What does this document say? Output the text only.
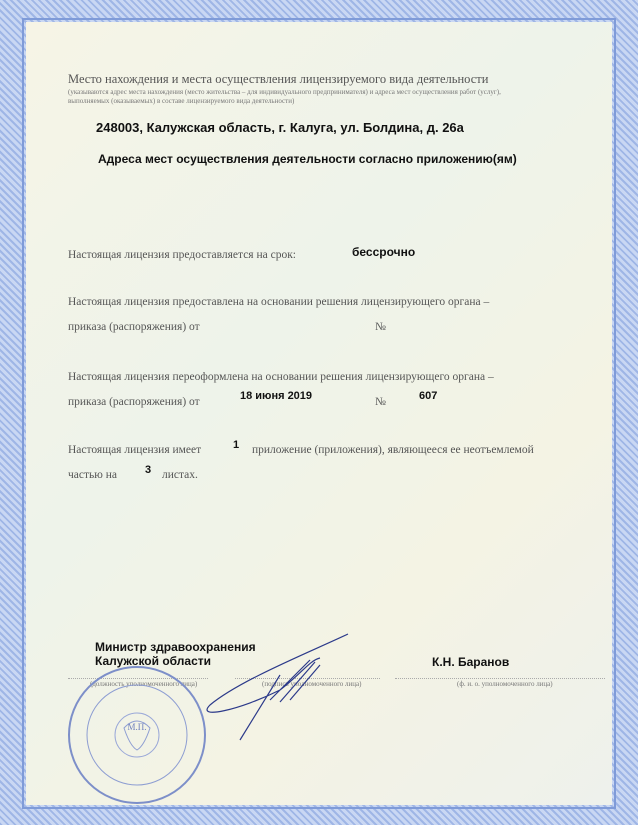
Место нахождения и места осуществления лицензируемого вида деятельности
(указываются адрес места нахождения (место жительства – для индивидуального предпринимателя) и адреса мест осуществления работ (услуг),
выполняемых (оказываемых) в составе лицензируемого вида деятельности)
248003, Калужская область, г. Калуга, ул. Болдина, д. 26а
Адреса мест осуществления деятельности согласно приложению(ям)
Настоящая лицензия предоставляется на срок:	бессрочно
Настоящая лицензия предоставлена на основании решения лицензирующего органа –
приказа (распоряжения) от	№
Настоящая лицензия переоформлена на основании решения лицензирующего органа –
приказа (распоряжения) от	18 июня 2019	№	607
Настоящая лицензия имеет	1 приложение (приложения), являющееся ее неотъемлемой
частью на	3 листах.
Министр здравоохранения
Калужской области	К.Н. Баранов
(должность уполномоченного лица)	(подпись уполномоченного лица)	(ф. и. о. уполномоченного лица)
М.П.
